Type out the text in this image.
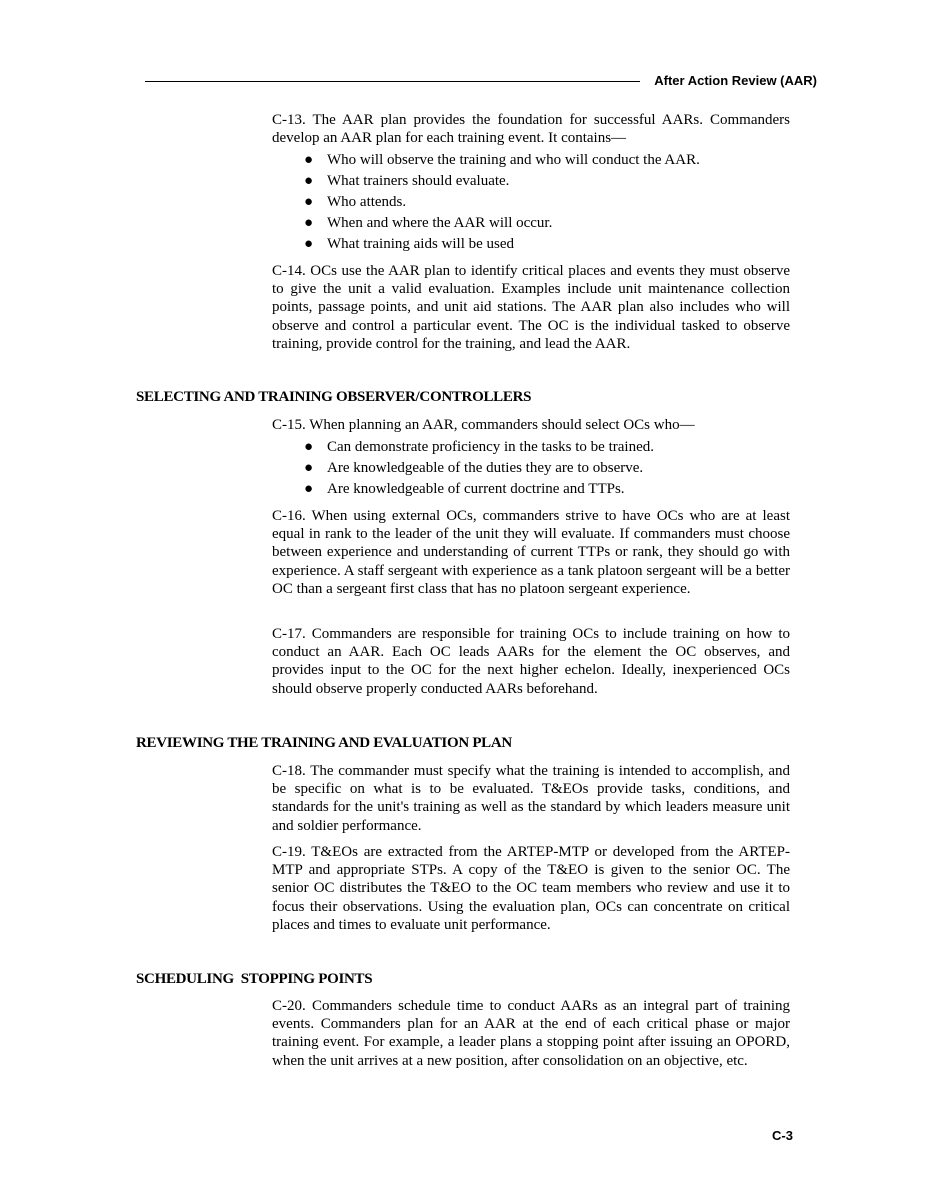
After Action Review (AAR)

C-13. The AAR plan provides the foundation for successful AARs. Commanders develop an AAR plan for each training event. It contains—

● Who will observe the training and who will conduct the AAR.
● What trainers should evaluate.
● Who attends.
● When and where the AAR will occur.
● What training aids will be used

C-14. OCs use the AAR plan to identify critical places and events they must observe to give the unit a valid evaluation. Examples include unit maintenance collection points, passage points, and unit aid stations. The AAR plan also includes who will observe and control a particular event. The OC is the individual tasked to observe training, provide control for the training, and lead the AAR.

SELECTING AND TRAINING OBSERVER/CONTROLLERS

C-15. When planning an AAR, commanders should select OCs who—

● Can demonstrate proficiency in the tasks to be trained.
● Are knowledgeable of the duties they are to observe.
● Are knowledgeable of current doctrine and TTPs.

C-16. When using external OCs, commanders strive to have OCs who are at least equal in rank to the leader of the unit they will evaluate. If commanders must choose between experience and understanding of current TTPs or rank, they should go with experience. A staff sergeant with experience as a tank platoon sergeant will be a better OC than a sergeant first class that has no platoon sergeant experience.

C-17. Commanders are responsible for training OCs to include training on how to conduct an AAR. Each OC leads AARs for the element the OC observes, and provides input to the OC for the next higher echelon. Ideally, inexperienced OCs should observe properly conducted AARs beforehand.

REVIEWING THE TRAINING AND EVALUATION PLAN

C-18. The commander must specify what the training is intended to accomplish, and be specific on what is to be evaluated. T&EOs provide tasks, conditions, and standards for the unit's training as well as the standard by which leaders measure unit and soldier performance.

C-19. T&EOs are extracted from the ARTEP-MTP or developed from the ARTEP-MTP and appropriate STPs. A copy of the T&EO is given to the senior OC. The senior OC distributes the T&EO to the OC team members who review and use it to focus their observations. Using the evaluation plan, OCs can concentrate on critical places and times to evaluate unit performance.

SCHEDULING  STOPPING POINTS

C-20. Commanders schedule time to conduct AARs as an integral part of training events. Commanders plan for an AAR at the end of each critical phase or major training event. For example, a leader plans a stopping point after issuing an OPORD, when the unit arrives at a new position, after consolidation on an objective, etc.

C-3
